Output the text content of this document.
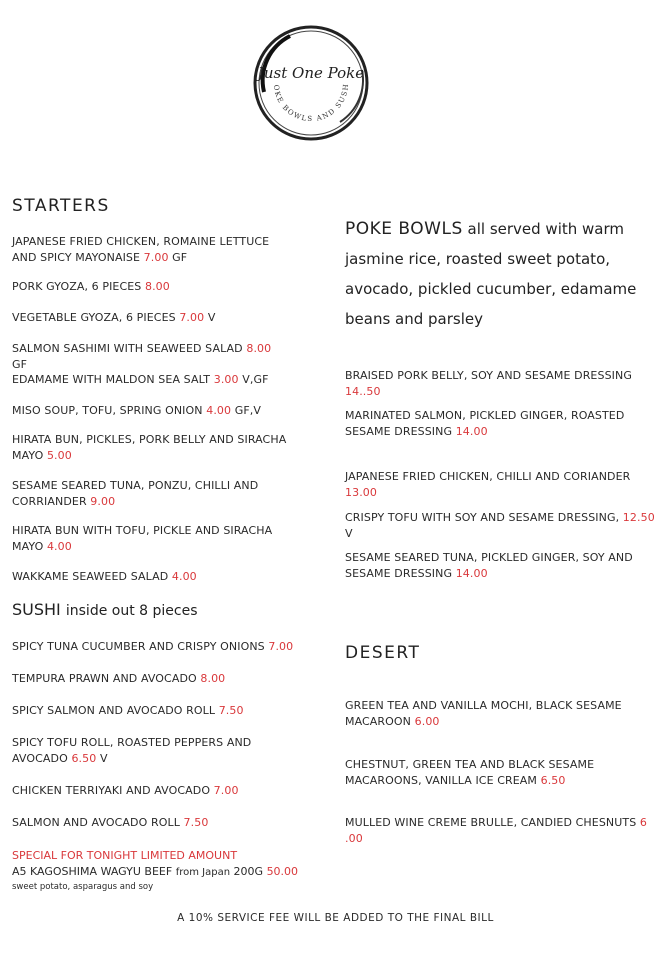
Just One Poke
OKE BOWLS AND SUSH
STARTERS
JAPANESE FRIED CHICKEN, ROMAINE LETTUCE AND SPICY MAYONAISE 7.00 GF
PORK GYOZA, 6 PIECES 8.00
VEGETABLE GYOZA, 6 PIECES 7.00 V
SALMON SASHIMI WITH SEAWEED SALAD 8.00 GF
EDAMAME WITH MALDON SEA SALT 3.00 V,GF
MISO SOUP, TOFU, SPRING ONION 4.00 GF,V
HIRATA BUN, PICKLES, PORK BELLY AND SIRACHA MAYO 5.00
SESAME SEARED TUNA, PONZU, CHILLI AND CORRIANDER 9.00
HIRATA BUN WITH TOFU, PICKLE AND SIRACHA MAYO 4.00
WAKKAME SEAWEED SALAD 4.00
SUSHI inside out 8 pieces
SPICY TUNA CUCUMBER AND CRISPY ONIONS 7.00
TEMPURA PRAWN AND AVOCADO 8.00
SPICY SALMON AND AVOCADO ROLL 7.50
SPICY TOFU ROLL, ROASTED PEPPERS AND AVOCADO 6.50 V
CHICKEN TERRIYAKI AND AVOCADO 7.00
SALMON AND AVOCADO ROLL 7.50
SPECIAL FOR TONIGHT LIMITED AMOUNT
A5 KAGOSHIMA WAGYU BEEF from Japan 200G 50.00
sweet potato, asparagus and soy
POKE BOWLS all served with warm jasmine rice, roasted sweet potato, avocado, pickled cucumber, edamame beans and parsley
BRAISED PORK BELLY, SOY AND SESAME DRESSING 14..50
MARINATED SALMON, PICKLED GINGER, ROASTED SESAME DRESSING 14.00
JAPANESE FRIED CHICKEN, CHILLI AND CORIANDER 13.00
CRISPY TOFU WITH SOY AND SESAME DRESSING, 12.50 V
SESAME SEARED TUNA, PICKLED GINGER, SOY AND SESAME DRESSING 14.00
DESERT
GREEN TEA AND VANILLA MOCHI, BLACK SESAME MACAROON 6.00
CHESTNUT, GREEN TEA AND BLACK SESAME MACAROONS, VANILLA ICE CREAM 6.50
MULLED WINE CREME BRULLE, CANDIED CHESNUTS 6 .00
A 10% SERVICE FEE WILL BE ADDED TO THE FINAL BILL
